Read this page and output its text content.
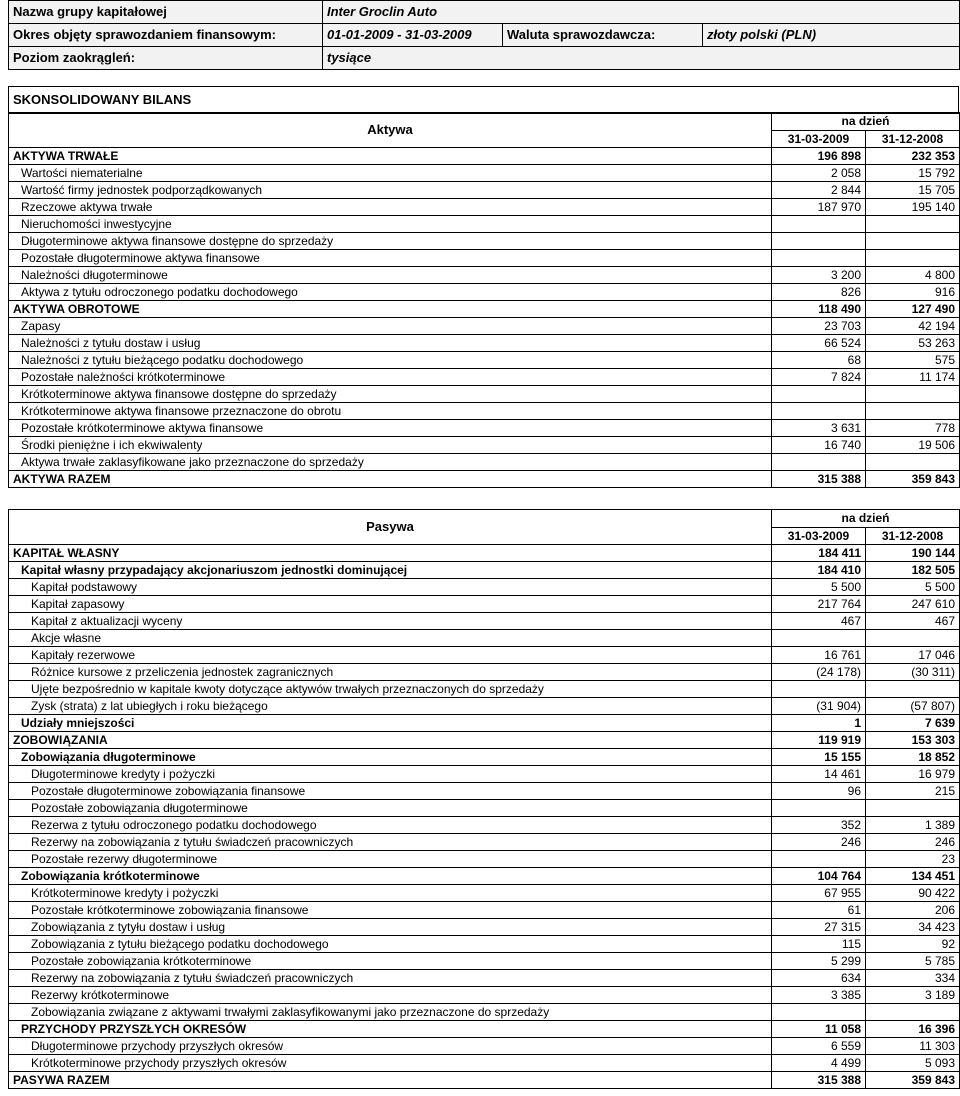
Nazwa grupy kapitałowej	Inter Groclin Auto		
Okres objęty sprawozdaniem finansowym:	01-01-2009 - 31-03-2009	Waluta sprawozdawcza:	złoty polski (PLN)
Poziom zaokrągleń:	tysiące		
SKONSOLIDOWANY BILANS
Aktywa	na dzień	
	31-03-2009	31-12-2008
AKTYWA TRWAŁE	196 898	232 353
Wartości niematerialne	2 058	15 792
Wartość firmy jednostek podporządkowanych	2 844	15 705
Rzeczowe aktywa trwałe	187 970	195 140
Nieruchomości inwestycyjne		
Długoterminowe aktywa finansowe dostępne do sprzedaży		
Pozostałe długoterminowe aktywa finansowe		
Należności długoterminowe	3 200	4 800
Aktywa z tytułu odroczonego podatku dochodowego	826	916
AKTYWA OBROTOWE	118 490	127 490
Zapasy	23 703	42 194
Należności z tytułu dostaw i usług	66 524	53 263
Należności z tytułu bieżącego podatku dochodowego	68	575
Pozostałe należności krótkoterminowe	7 824	11 174
Krótkoterminowe aktywa finansowe dostępne do sprzedaży		
Krótkoterminowe aktywa finansowe przeznaczone do obrotu		
Pozostałe krótkoterminowe aktywa finansowe	3 631	778
Środki pieniężne i ich ekwiwalenty	16 740	19 506
Aktywa trwałe zaklasyfikowane jako przeznaczone do sprzedaży		
AKTYWA RAZEM	315 388	359 843
Pasywa	na dzień	
	31-03-2009	31-12-2008
KAPITAŁ WŁASNY	184 411	190 144
Kapitał własny przypadający akcjonariuszom jednostki dominującej	184 410	182 505
Kapitał podstawowy	5 500	5 500
Kapitał zapasowy	217 764	247 610
Kapitał z aktualizacji wyceny	467	467
Akcje własne		
Kapitały rezerwowe	16 761	17 046
Różnice kursowe z przeliczenia jednostek zagranicznych	(24 178)	(30 311)
Ujęte bezpośrednio w kapitale kwoty dotyczące aktywów trwałych przeznaczonych do sprzedaży		
Zysk (strata) z lat ubiegłych i roku bieżącego	(31 904)	(57 807)
Udziały mniejszości	1	7 639
ZOBOWIĄZANIA	119 919	153 303
Zobowiązania długoterminowe	15 155	18 852
Długoterminowe kredyty i pożyczki	14 461	16 979
Pozostałe długoterminowe zobowiązania finansowe	96	215
Pozostałe zobowiązania długoterminowe		
Rezerwa z tytułu odroczonego podatku dochodowego	352	1 389
Rezerwy na zobowiązania z tytułu świadczeń pracowniczych	246	246
Pozostałe rezerwy długoterminowe		23
Zobowiązania krótkoterminowe	104 764	134 451
Krótkoterminowe kredyty i pożyczki	67 955	90 422
Pozostałe krótkoterminowe zobowiązania finansowe	61	206
Zobowiązania z tytyłu dostaw i usług	27 315	34 423
Zobowiązania z tytułu bieżącego podatku dochodowego	115	92
Pozostałe zobowiązania krótkoterminowe	5 299	5 785
Rezerwy na zobowiązania z tytułu świadczeń pracowniczych	634	334
Rezerwy krótkoterminowe	3 385	3 189
Zobowiązania związane z aktywami trwałymi zaklasyfikowanymi jako przeznaczone do sprzedaży		
PRZYCHODY PRZYSZŁYCH OKRESÓW	11 058	16 396
Długoterminowe przychody przyszłych okresów	6 559	11 303
Krótkoterminowe przychody przyszłych okresów	4 499	5 093
PASYWA RAZEM	315 388	359 843
